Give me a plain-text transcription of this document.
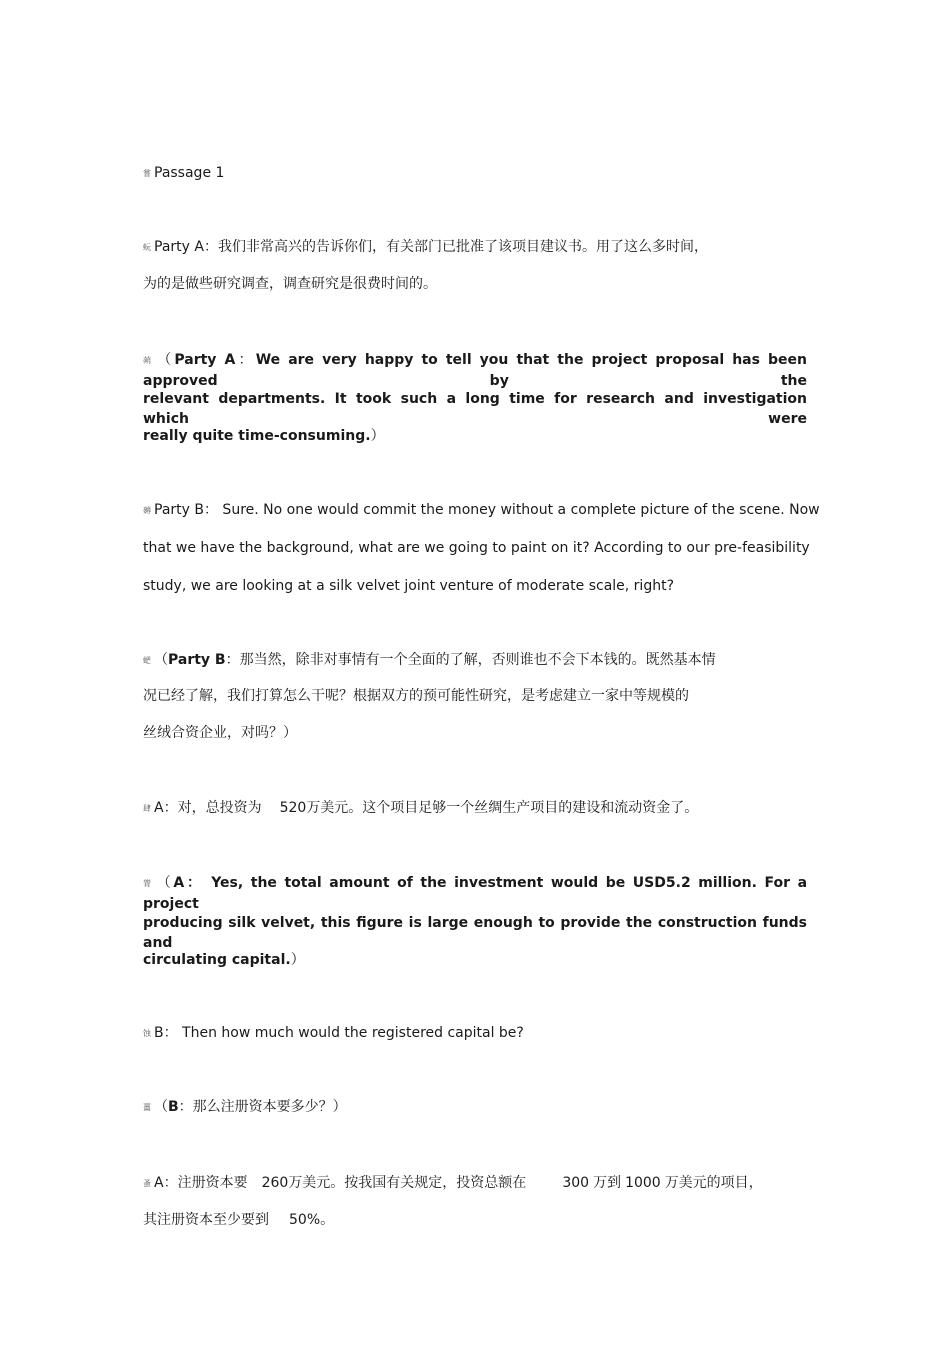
嘗 Passage 1
蚖 Party A：我们非常高兴的告诉你们，有关部门已批准了该项目建议书。用了这么多时间，
为的是做些研究调查，调查研究是很费时间的。
蒴 （Party A：We are very happy to tell you that the project proposal has been approved by the
relevant departments. It took such a long time for research and investigation which were
really quite time-consuming.）
薅 Party B： Sure. No one would commit the money without a complete picture of the scene. Now
that we have the background, what are we going to paint on it? According to our pre-feasibility
study, we are looking at a silk velvet joint venture of moderate scale, right?
蚆 （Party B：那当然，除非对事情有一个全面的了解，否则谁也不会下本钱的。既然基本情
况已经了解，我们打算怎么干呢？根据双方的预可能性研究，是考虑建立一家中等规模的
丝绒合资企业，对吗？）
肆 A：对，总投资为 520万美元。这个项目足够一个丝绸生产项目的建设和流动资金了。
膂 （A： Yes, the total amount of the investment would be USD5.2 million. For a project
producing silk velvet, this figure is large enough to provide the construction funds and
circulating capital.）
蚀 B： Then how much would the registered capital be?
薑 （B：那么注册资本要多少？）
蚤 A：注册资本要 260万美元。按我国有关规定，投资总额在	300 万到 1000 万美元的项目，
其注册资本至少要到 50%。
